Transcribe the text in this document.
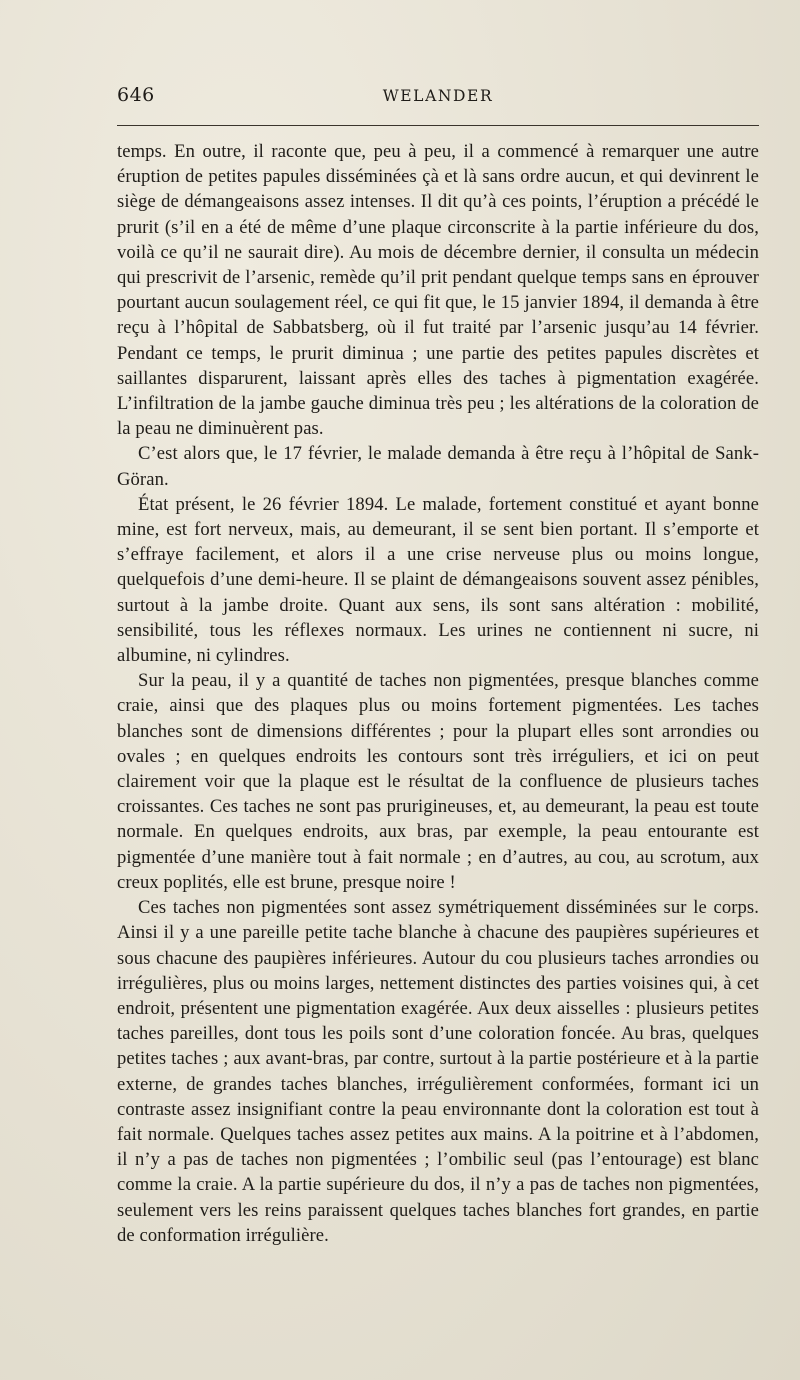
646	WELANDER

temps. En outre, il raconte que, peu à peu, il a commencé à remarquer une autre éruption de petites papules disséminées çà et là sans ordre aucun, et qui devinrent le siège de démangeaisons assez intenses. Il dit qu’à ces points, l’éruption a précédé le prurit (s’il en a été de même d’une plaque circonscrite à la partie inférieure du dos, voilà ce qu’il ne saurait dire). Au mois de décembre dernier, il consulta un médecin qui prescrivit de l’arsenic, remède qu’il prit pendant quelque temps sans en éprouver pourtant aucun soulagement réel, ce qui fit que, le 15 janvier 1894, il demanda à être reçu à l’hôpital de Sabbatsberg, où il fut traité par l’arsenic jusqu’au 14 février. Pendant ce temps, le prurit diminua ; une partie des petites papules discrètes et saillantes disparurent, laissant après elles des taches à pigmentation exagérée. L’infiltration de la jambe gauche diminua très peu ; les altérations de la coloration de la peau ne diminuèrent pas.

C’est alors que, le 17 février, le malade demanda à être reçu à l’hôpital de Sank-Göran.

État présent, le 26 février 1894. Le malade, fortement constitué et ayant bonne mine, est fort nerveux, mais, au demeurant, il se sent bien portant. Il s’emporte et s’effraye facilement, et alors il a une crise nerveuse plus ou moins longue, quelquefois d’une demi-heure. Il se plaint de démangeaisons souvent assez pénibles, surtout à la jambe droite. Quant aux sens, ils sont sans altération : mobilité, sensibilité, tous les réflexes normaux. Les urines ne contiennent ni sucre, ni albumine, ni cylindres.

Sur la peau, il y a quantité de taches non pigmentées, presque blanches comme craie, ainsi que des plaques plus ou moins fortement pigmentées. Les taches blanches sont de dimensions différentes ; pour la plupart elles sont arrondies ou ovales ; en quelques endroits les contours sont très irréguliers, et ici on peut clairement voir que la plaque est le résultat de la confluence de plusieurs taches croissantes. Ces taches ne sont pas prurigineuses, et, au demeurant, la peau est toute normale. En quelques endroits, aux bras, par exemple, la peau entourante est pigmentée d’une manière tout à fait normale ; en d’autres, au cou, au scrotum, aux creux poplités, elle est brune, presque noire !

Ces taches non pigmentées sont assez symétriquement disséminées sur le corps. Ainsi il y a une pareille petite tache blanche à chacune des paupières supérieures et sous chacune des paupières inférieures. Autour du cou plusieurs taches arrondies ou irrégulières, plus ou moins larges, nettement distinctes des parties voisines qui, à cet endroit, présentent une pigmentation exagérée. Aux deux aisselles : plusieurs petites taches pareilles, dont tous les poils sont d’une coloration foncée. Au bras, quelques petites taches ; aux avant-bras, par contre, surtout à la partie postérieure et à la partie externe, de grandes taches blanches, irrégulièrement conformées, formant ici un contraste assez insignifiant contre la peau environnante dont la coloration est tout à fait normale. Quelques taches assez petites aux mains. A la poitrine et à l’abdomen, il n’y a pas de taches non pigmentées ; l’ombilic seul (pas l’entourage) est blanc comme la craie. A la partie supérieure du dos, il n’y a pas de taches non pigmentées, seulement vers les reins paraissent quelques taches blanches fort grandes, en partie de conformation irrégulière.
